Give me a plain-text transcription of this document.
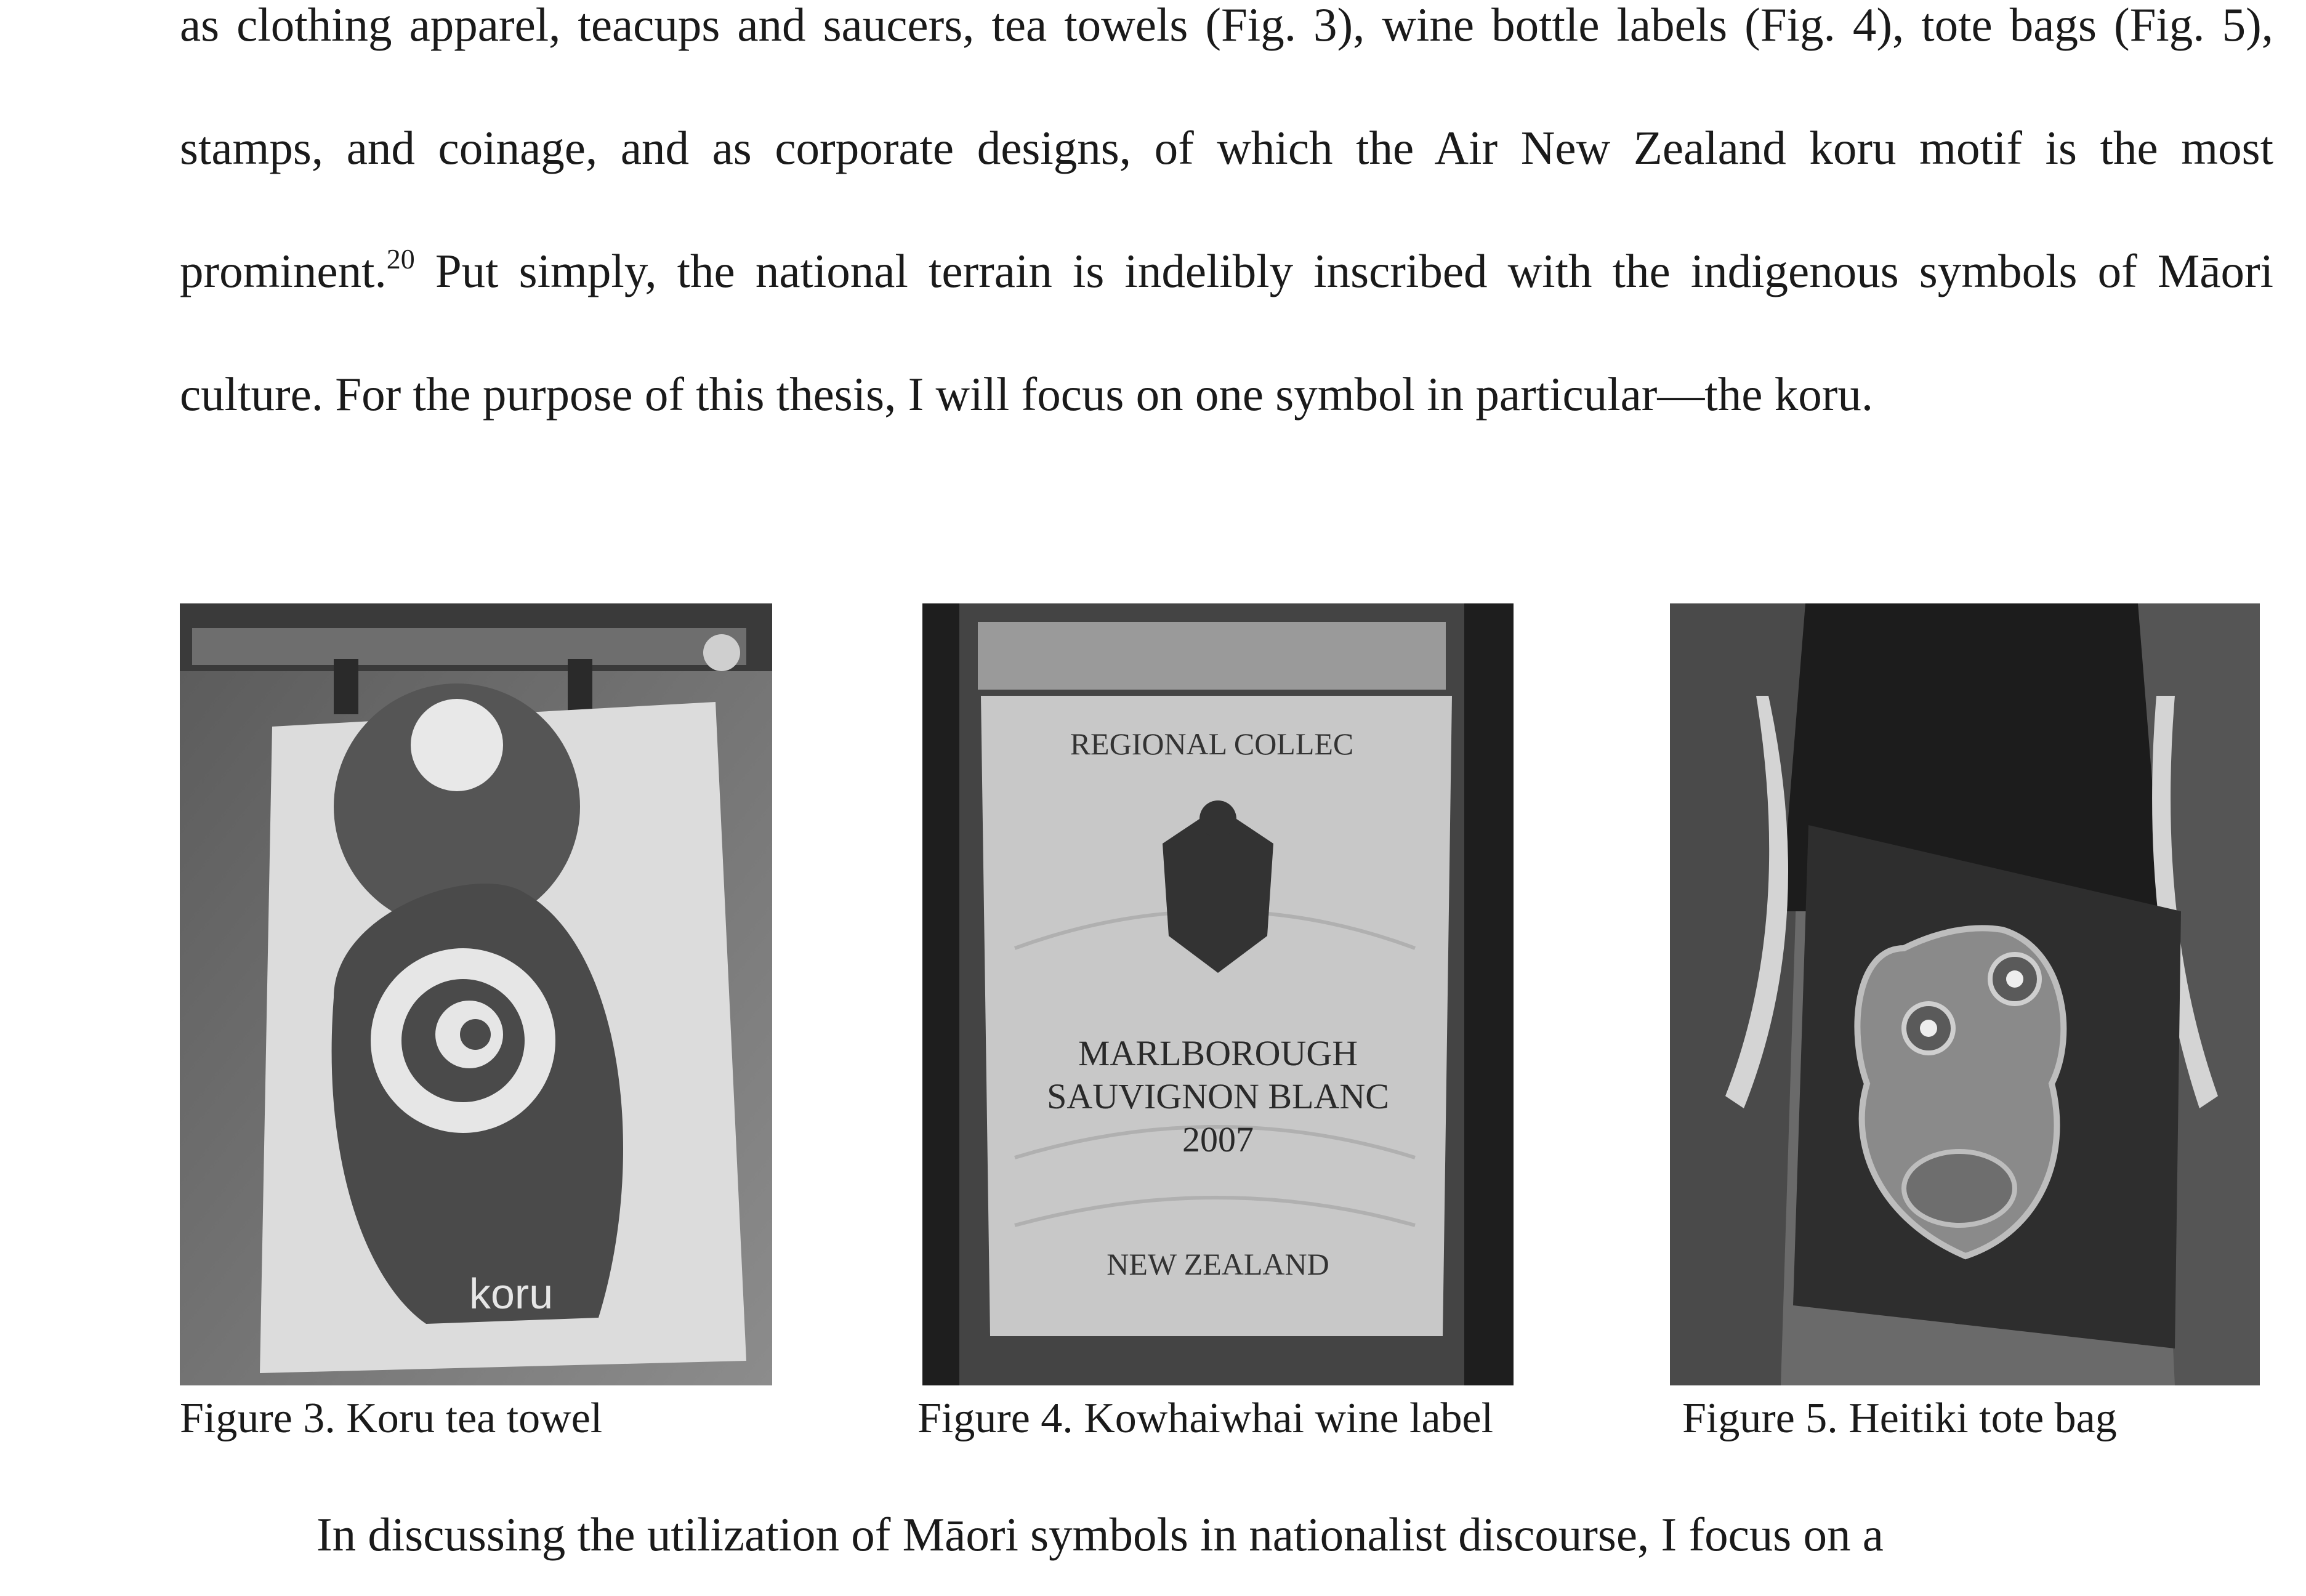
as clothing apparel, teacups and saucers, tea towels (Fig. 3), wine bottle labels (Fig. 4), tote bags (Fig. 5), stamps, and coinage, and as corporate designs, of which the Air New Zealand koru motif is the most prominent.$^{20}$ Put simply, the national terrain is indelibly inscribed with the indigenous symbols of Māori culture. For the purpose of this thesis, I will focus on one symbol in particular—the koru.

koru
Figure 3. Koru tea towel
REGIONAL COLLEC
MARLBOROUGH
SAUVIGNON BLANC
2007
NEW ZEALAND
Figure 4. Kowhaiwhai wine label	Figure 5. Heitiki tote bag

In discussing the utilization of Māori symbols in nationalist discourse, I focus on a
